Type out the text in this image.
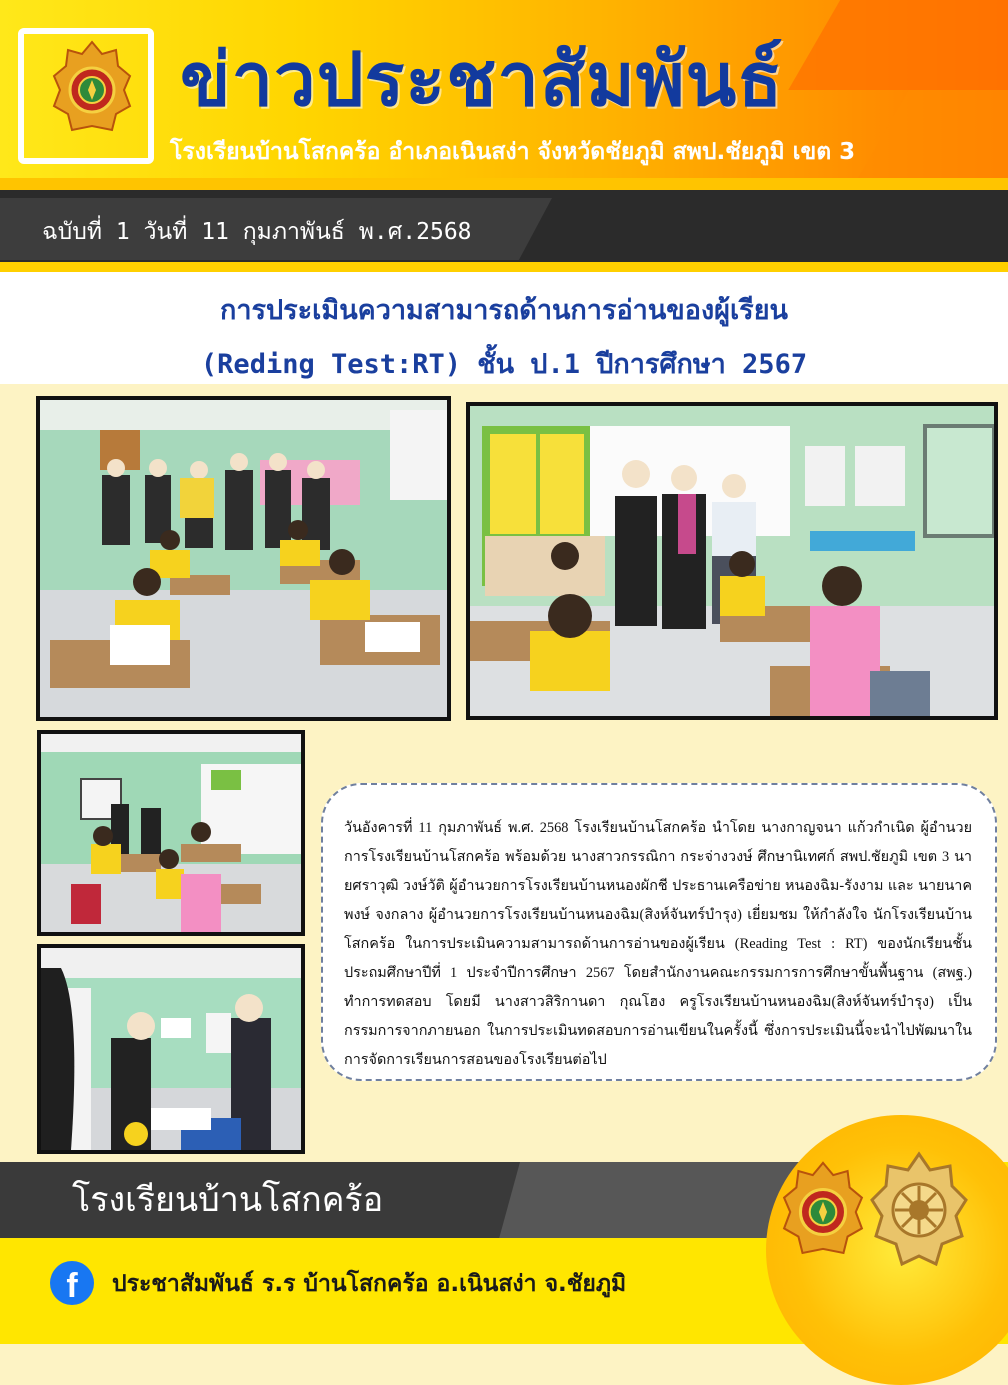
ข่าวประชาสัมพันธ์
โรงเรียนบ้านโสกคร้อ อำเภอเนินสง่า จังหวัดชัยภูมิ สพป.ชัยภูมิ เขต 3
ฉบับที่ 1 วันที่ 11 กุมภาพันธ์ พ.ศ.2568
การประเมินความสามารถด้านการอ่านของผู้เรียน
(Reding Test:RT) ชั้น ป.1 ปีการศึกษา 2567
วันอังคารที่ 11 กุมภาพันธ์ พ.ศ. 2568 โรงเรียนบ้านโสกคร้อ นำโดย นางกาญจนา แก้วกำเนิด ผู้อำนวยการโรงเรียนบ้านโสกคร้อ พร้อมด้วย นางสาวกรรณิกา กระจ่างวงษ์ ศึกษานิเทศก์ สพป.ชัยภูมิ เขต 3 นายศราวุฒิ วงษ์วัติ ผู้อำนวยการโรงเรียนบ้านหนองผักชี ประธานเครือข่าย หนองฉิม-รังงาม และ นายนาคพงษ์ จงกลาง ผู้อำนวยการโรงเรียนบ้านหนองฉิม(สิงห์จันทร์บำรุง) เยี่ยมชม ให้กำลังใจ นักโรงเรียนบ้านโสกคร้อ ในการประเมินความสามารถด้านการอ่านของผู้เรียน (Reading Test : RT) ของนักเรียนชั้นประถมศึกษาปีที่ 1 ประจำปีการศึกษา 2567 โดยสำนักงานคณะกรรมการการศึกษาขั้นพื้นฐาน (สพฐ.) ทำการทดสอบ โดยมี นางสาวสิริกานดา กุณโฮง ครูโรงเรียนบ้านหนองฉิม(สิงห์จันทร์บำรุง) เป็นกรรมการจากภายนอก ในการประเมินทดสอบการอ่านเขียนในครั้งนี้ ซึ่งการประเมินนี้จะนำไปพัฒนาในการจัดการเรียนการสอนของโรงเรียนต่อไป
โรงเรียนบ้านโสกคร้อ
f	ประชาสัมพันธ์ ร.ร บ้านโสกคร้อ อ.เนินสง่า จ.ชัยภูมิ
